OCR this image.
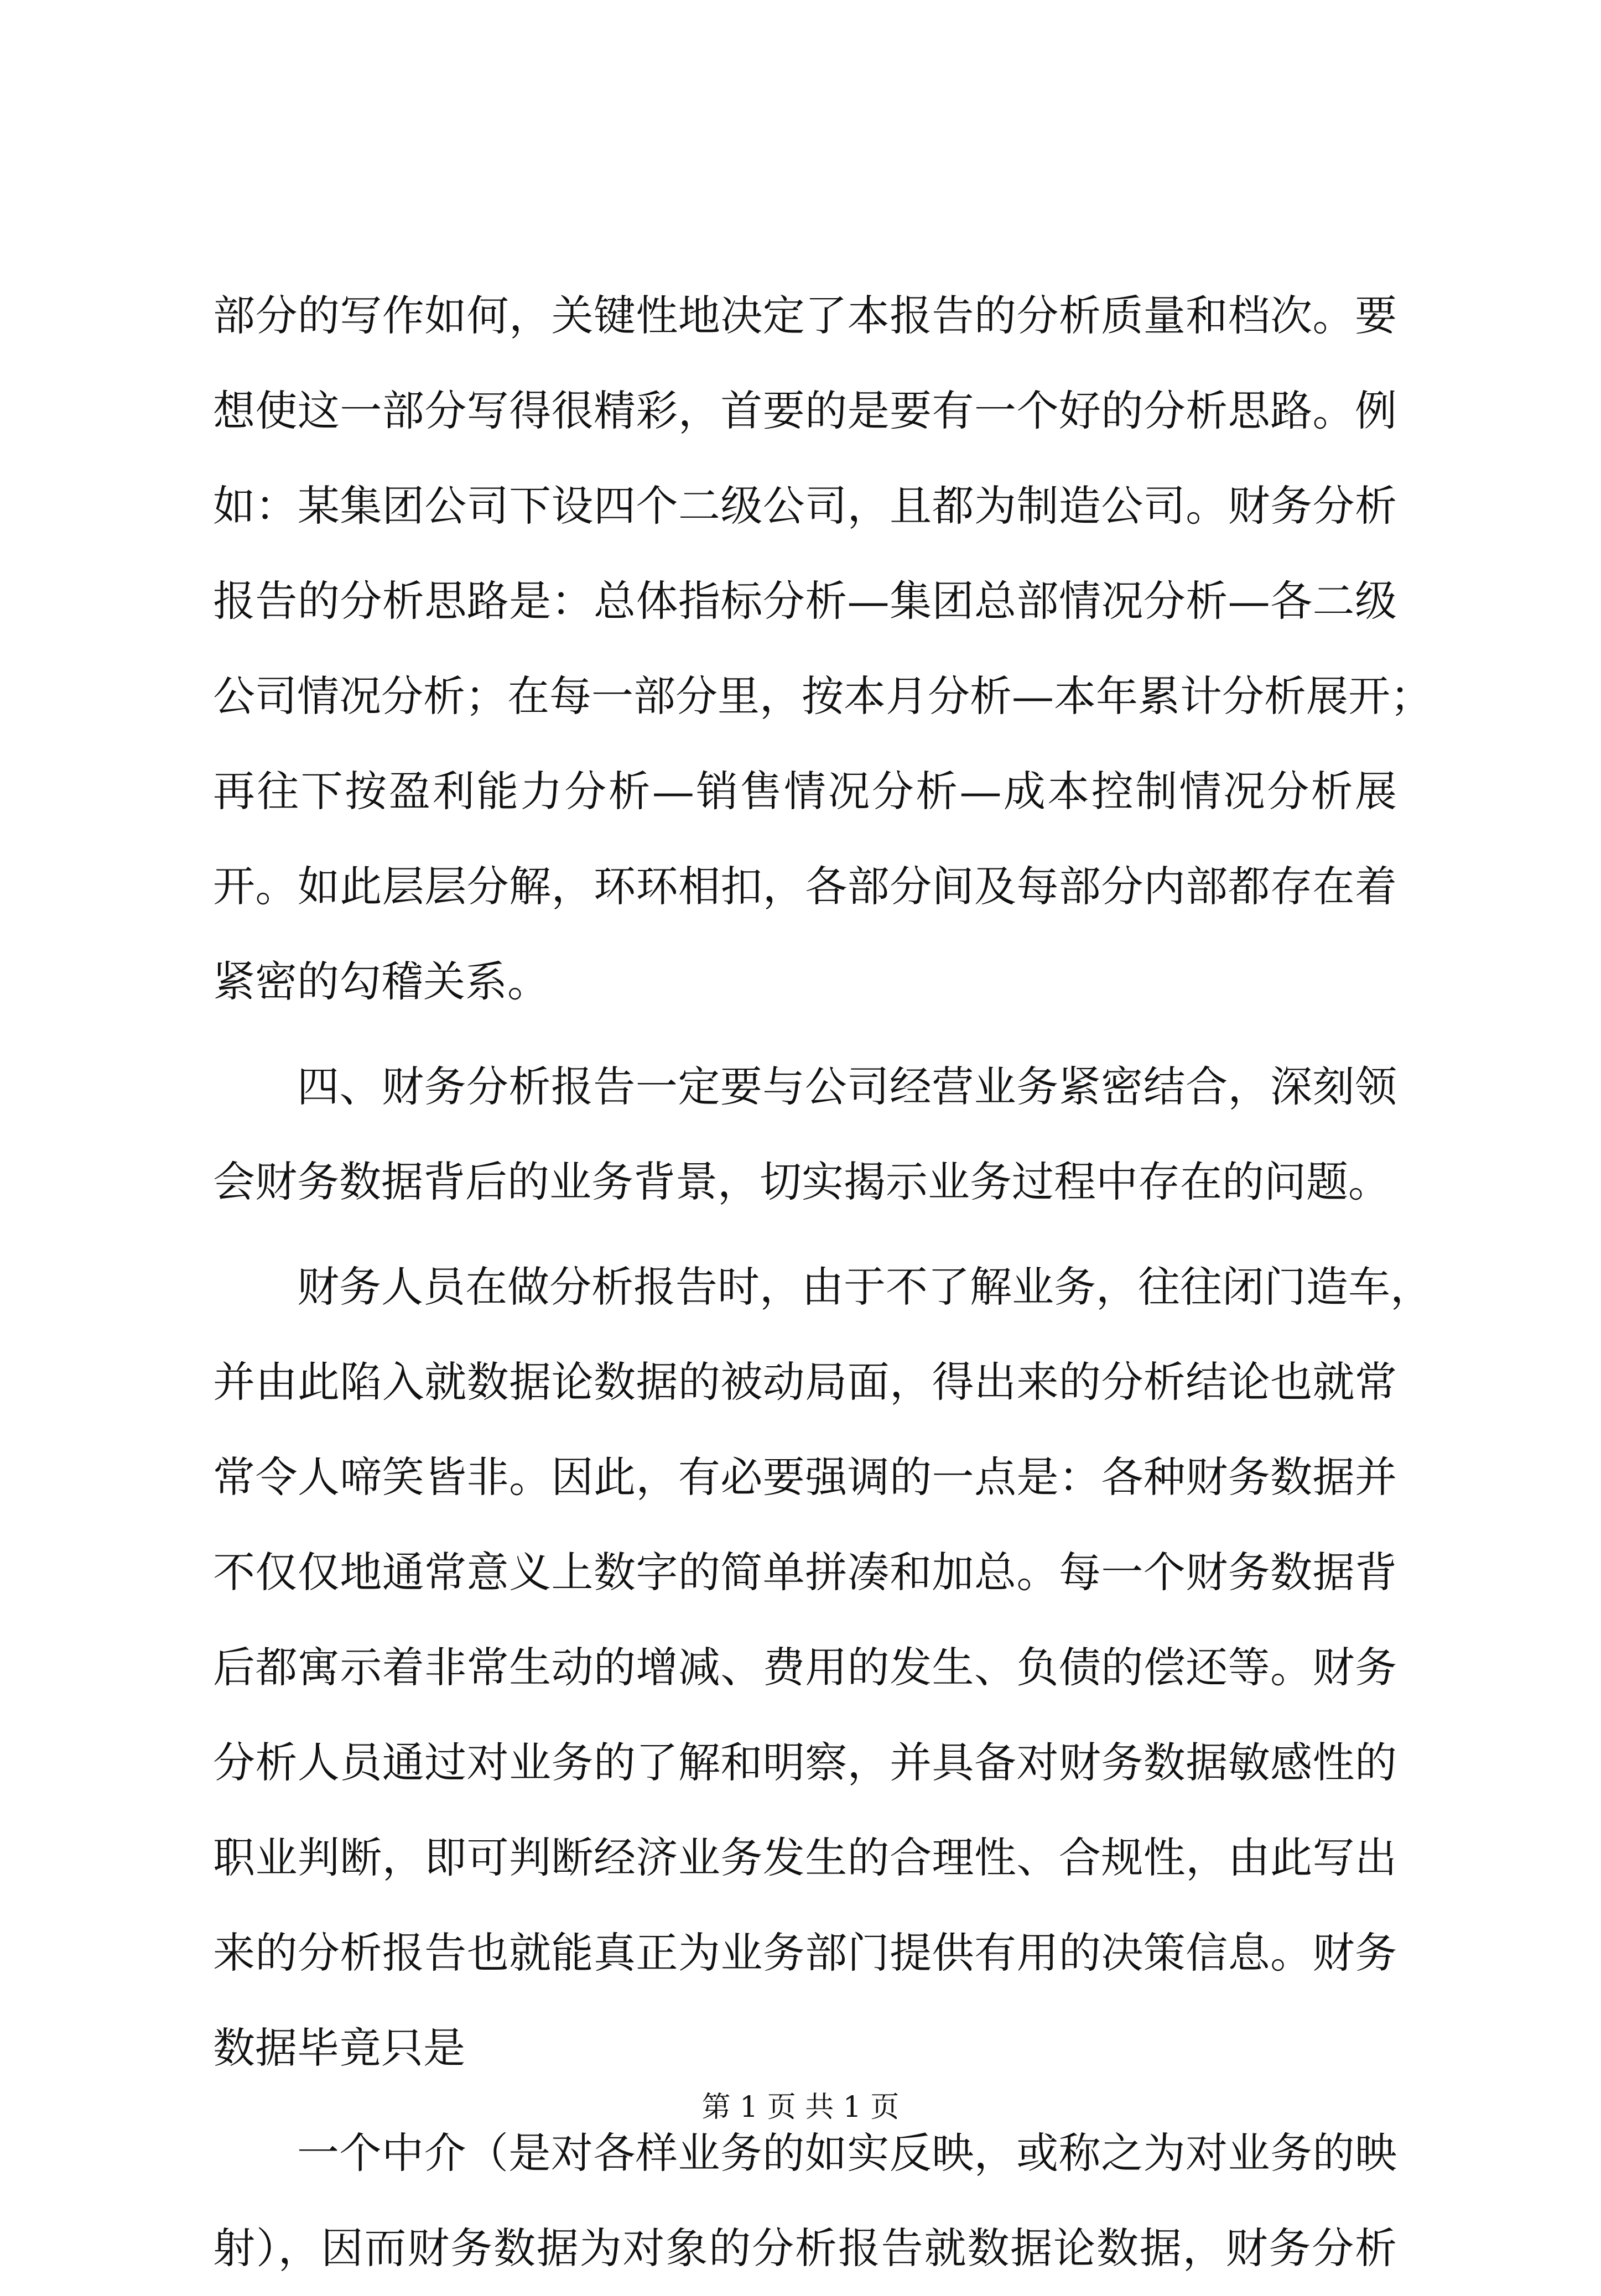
部分的写作如何，关键性地决定了本报告的分析质量和档次。要
想使这一部分写得很精彩，首要的是要有一个好的分析思路。例
如：某集团公司下设四个二级公司，且都为制造公司。财务分析
报告的分析思路是：总体指标分析—集团总部情况分析—各二级
公司情况分析；在每一部分里，按本月分析—本年累计分析展开；
再往下按盈利能力分析—销售情况分析—成本控制情况分析展
开。如此层层分解，环环相扣，各部分间及每部分内部都存在着
紧密的勾稽关系。
四、财务分析报告一定要与公司经营业务紧密结合，深刻领
会财务数据背后的业务背景，切实揭示业务过程中存在的问题。
财务人员在做分析报告时，由于不了解业务，往往闭门造车，
并由此陷入就数据论数据的被动局面，得出来的分析结论也就常
常令人啼笑皆非。因此，有必要强调的一点是：各种财务数据并
不仅仅地通常意义上数字的简单拼凑和加总。每一个财务数据背
后都寓示着非常生动的增减、费用的发生、负债的偿还等。财务
分析人员通过对业务的了解和明察，并具备对财务数据敏感性的
职业判断，即可判断经济业务发生的合理性、合规性，由此写出
来的分析报告也就能真正为业务部门提供有用的决策信息。财务
数据毕竟只是
一个中介（是对各样业务的如实反映，或称之为对业务的映
射），因而财务数据为对象的分析报告就数据论数据，财务分析
第 1 页 共 1 页
